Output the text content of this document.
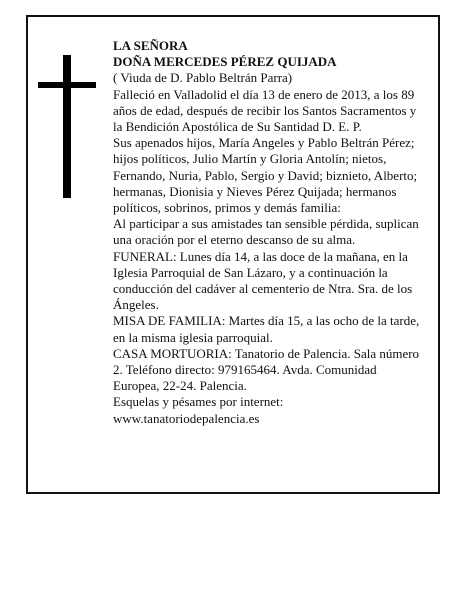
LA SEÑORA

DOÑA MERCEDES PÉREZ QUIJADA

( Viuda de D. Pablo Beltrán Parra)

Falleció en Valladolid el día 13 de enero de 2013, a los 89 años de edad, después de recibir los Santos Sacramentos y la Bendición Apostólica de Su Santidad D. E. P.

Sus apenados hijos, María Angeles y Pablo Beltrán Pérez; hijos políticos, Julio Martín y Gloria Antolín; nietos, Fernando, Nuria, Pablo, Sergio y David; biznieto, Alberto; hermanas, Dionisia y Nieves Pérez Quijada; hermanos políticos, sobrinos, primos y demás familia:

Al participar a sus amistades tan sensible pérdida, suplican una oración por el eterno descanso de su alma.

FUNERAL: Lunes día 14, a las doce de la mañana, en la Iglesia Parroquial de San Lázaro, y a continuación la conducción del cadáver al cementerio de Ntra. Sra. de los Ángeles.

MISA DE FAMILIA: Martes día 15, a las ocho de la tarde, en la misma iglesia parroquial.

CASA MORTUORIA: Tanatorio de Palencia. Sala número 2. Teléfono directo: 979165464. Avda. Comunidad Europea, 22-24. Palencia.

Esquelas y pésames por internet:

www.tanatoriodepalencia.es
